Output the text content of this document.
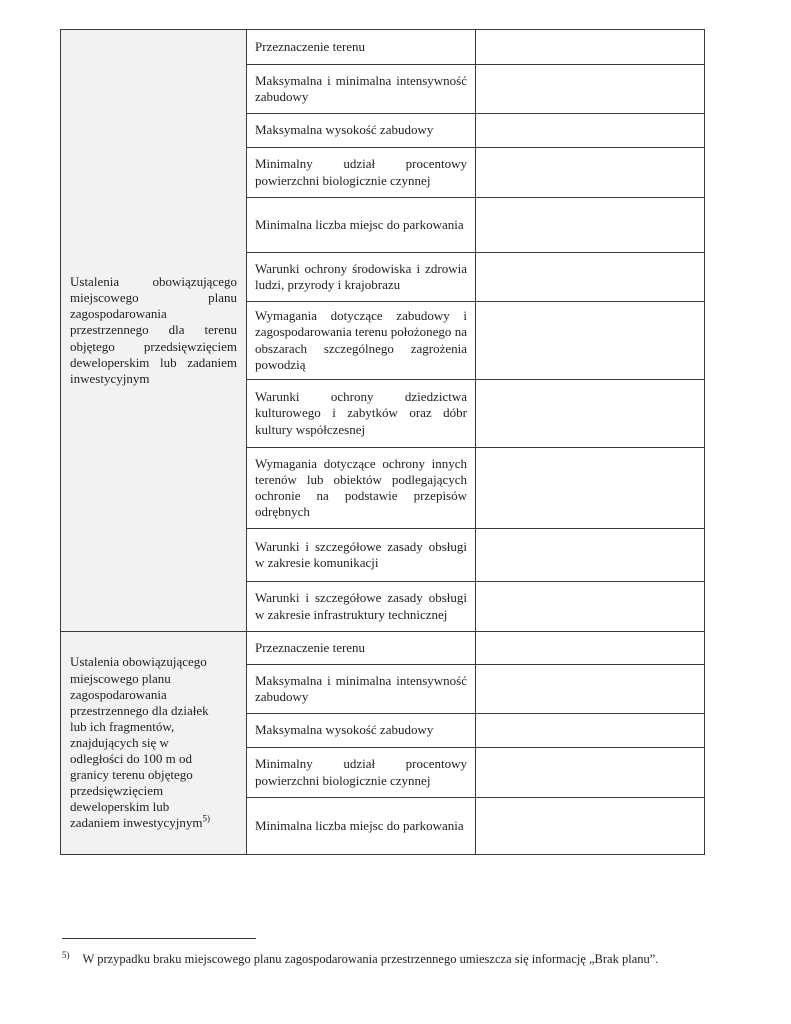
Ustalenia obowiązującego miejscowego planu zagospodarowania przestrzennego dla terenu objętego przedsięwzięciem deweloperskim lub zadaniem inwestycyjnym	Przeznaczenie terenu	
	Maksymalna i minimalna intensywność zabudowy	
	Maksymalna wysokość zabudowy	
	Minimalny udział procentowy powierzchni biologicznie czynnej	
	Minimalna liczba miejsc do parkowania	
	Warunki ochrony środowiska i zdrowia ludzi, przyrody i krajobrazu	
	Wymagania dotyczące zabudowy i zagospodarowania terenu położonego na obszarach szczególnego zagrożenia powodzią	
	Warunki ochrony dziedzictwa kulturowego i zabytków oraz dóbr kultury współczesnej	
	Wymagania dotyczące ochrony innych terenów lub obiektów podlegających ochronie na podstawie przepisów odrębnych	
	Warunki i szczegółowe zasady obsługi w zakresie komunikacji	
	Warunki i szczegółowe zasady obsługi w zakresie infrastruktury technicznej	
Ustalenia obowiązującego miejscowego planu zagospodarowania przestrzennego dla działek lub ich fragmentów, znajdujących się w odległości do 100 m od granicy terenu objętego przedsięwzięciem deweloperskim lub zadaniem inwestycyjnym$^{5)}$	Przeznaczenie terenu	
	Maksymalna i minimalna intensywność zabudowy	
	Maksymalna wysokość zabudowy	
	Minimalny udział procentowy powierzchni biologicznie czynnej	
	Minimalna liczba miejsc do parkowania	
$^{5)}$ W przypadku braku miejscowego planu zagospodarowania przestrzennego umieszcza się informację „Brak planu”.
